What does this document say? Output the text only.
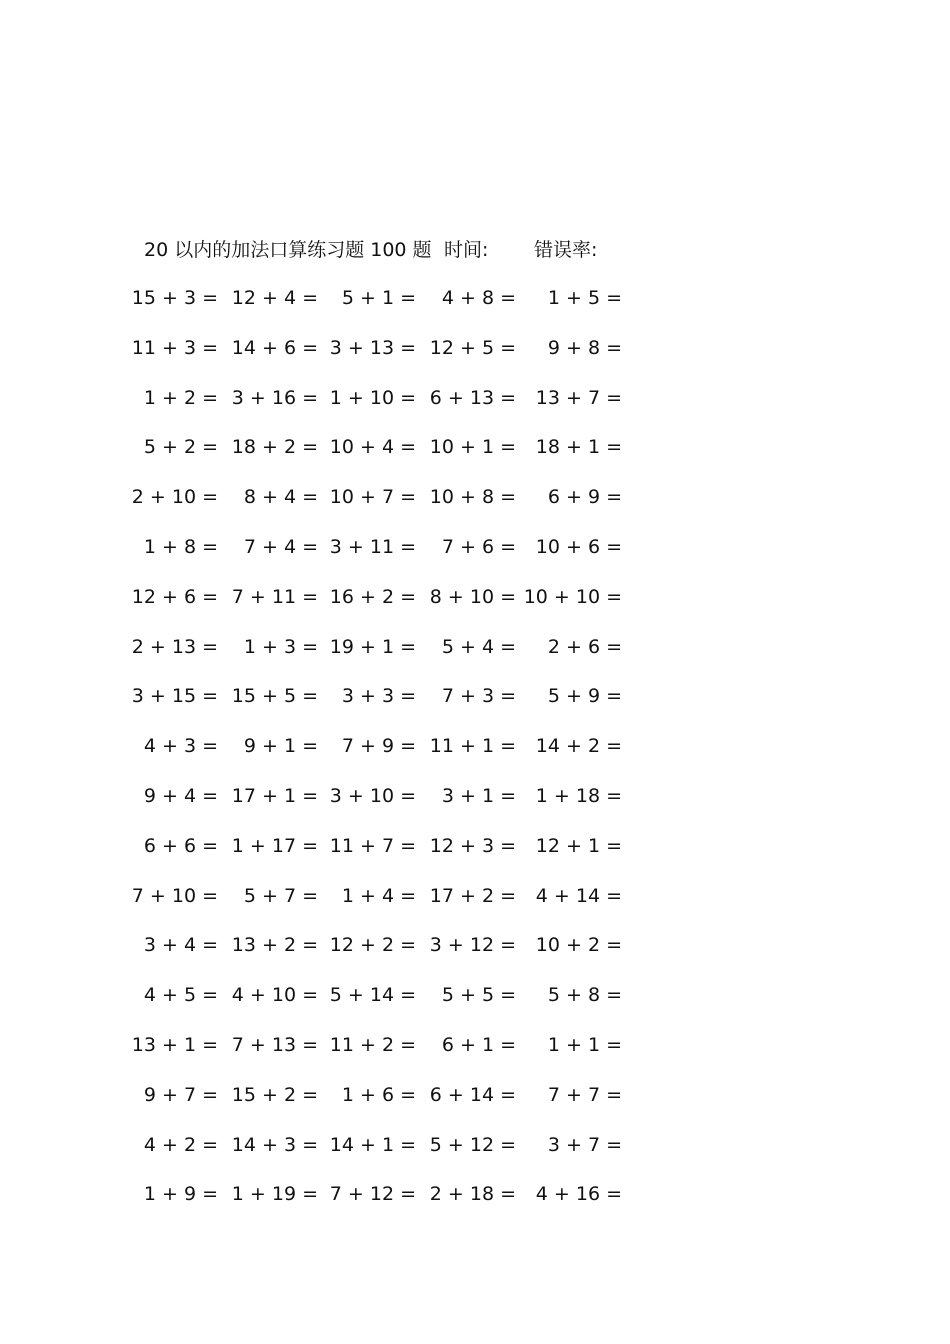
20 以内的加法口算练习题 100 题 时间: 错误率:
15 + 3 = 12 + 4 = 5 + 1 = 4 + 8 = 1 + 5 =
11 + 3 = 14 + 6 = 3 + 13 = 12 + 5 = 9 + 8 =
1 + 2 = 3 + 16 = 1 + 10 = 6 + 13 = 13 + 7 =
5 + 2 = 18 + 2 = 10 + 4 = 10 + 1 = 18 + 1 =
2 + 10 = 8 + 4 = 10 + 7 = 10 + 8 = 6 + 9 =
1 + 8 = 7 + 4 = 3 + 11 = 7 + 6 = 10 + 6 =
12 + 6 = 7 + 11 = 16 + 2 = 8 + 10 = 10 + 10 =
2 + 13 = 1 + 3 = 19 + 1 = 5 + 4 = 2 + 6 =
3 + 15 = 15 + 5 = 3 + 3 = 7 + 3 = 5 + 9 =
4 + 3 = 9 + 1 = 7 + 9 = 11 + 1 = 14 + 2 =
9 + 4 = 17 + 1 = 3 + 10 = 3 + 1 = 1 + 18 =
6 + 6 = 1 + 17 = 11 + 7 = 12 + 3 = 12 + 1 =
7 + 10 = 5 + 7 = 1 + 4 = 17 + 2 = 4 + 14 =
3 + 4 = 13 + 2 = 12 + 2 = 3 + 12 = 10 + 2 =
4 + 5 = 4 + 10 = 5 + 14 = 5 + 5 = 5 + 8 =
13 + 1 = 7 + 13 = 11 + 2 = 6 + 1 = 1 + 1 =
9 + 7 = 15 + 2 = 1 + 6 = 6 + 14 = 7 + 7 =
4 + 2 = 14 + 3 = 14 + 1 = 5 + 12 = 3 + 7 =
1 + 9 = 1 + 19 = 7 + 12 = 2 + 18 = 4 + 16 =
